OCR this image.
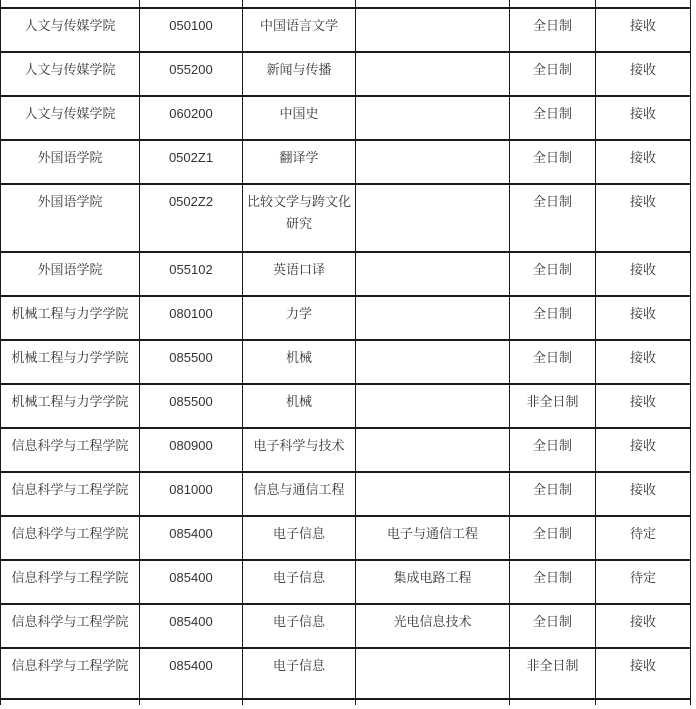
人文与传媒学院	050100	中国语言文学		全日制	接收
人文与传媒学院	055200	新闻与传播		全日制	接收
人文与传媒学院	060200	中国史		全日制	接收
外国语学院	0502Z1	翻译学		全日制	接收
外国语学院	0502Z2	比较文学与跨文化研究		全日制	接收
外国语学院	055102	英语口译		全日制	接收
机械工程与力学学院	080100	力学		全日制	接收
机械工程与力学学院	085500	机械		全日制	接收
机械工程与力学学院	085500	机械		非全日制	接收
信息科学与工程学院	080900	电子科学与技术		全日制	接收
信息科学与工程学院	081000	信息与通信工程		全日制	接收
信息科学与工程学院	085400	电子信息	电子与通信工程	全日制	待定
信息科学与工程学院	085400	电子信息	集成电路工程	全日制	待定
信息科学与工程学院	085400	电子信息	光电信息技术	全日制	接收
信息科学与工程学院	085400	电子信息		非全日制	接收
